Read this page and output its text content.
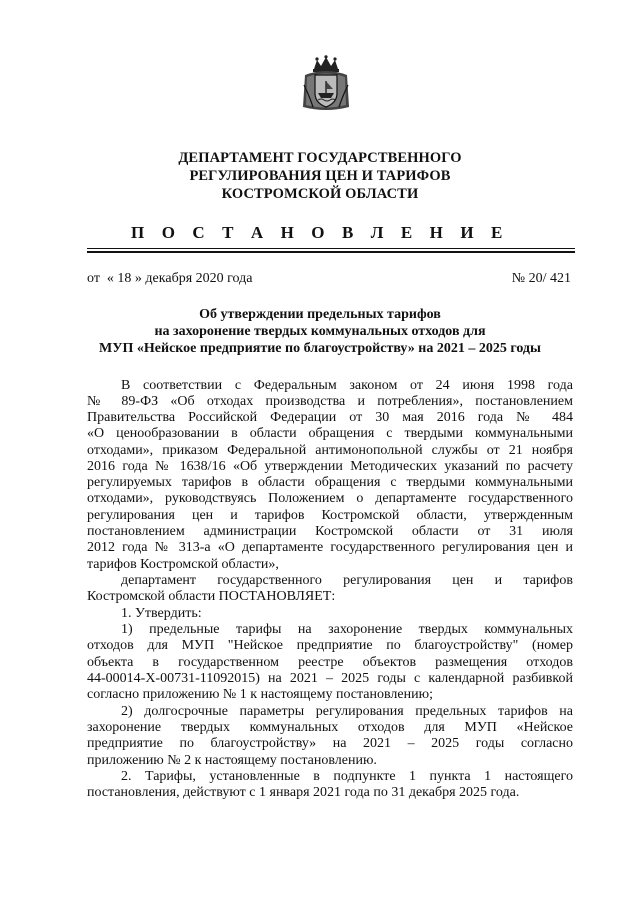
ДЕПАРТАМЕНТ ГОСУДАРСТВЕННОГО
РЕГУЛИРОВАНИЯ ЦЕН И ТАРИФОВ
КОСТРОМСКОЙ ОБЛАСТИ
П О С Т А Н О В Л Е Н И Е
от  « 18 » декабря 2020 года	№ 20/ 421
Об утверждении предельных тарифов
на захоронение твердых коммунальных отходов для
МУП «Нейское предприятие по благоустройству» на 2021 – 2025 годы
В соответствии с Федеральным законом от 24 июня 1998 года
№ 89-ФЗ «Об отходах производства и потребления», постановлением
Правительства Российской Федерации от 30 мая 2016 года № 484
«О ценообразовании в области обращения с твердыми коммунальными
отходами», приказом Федеральной антимонопольной службы от 21 ноября
2016 года № 1638/16 «Об утверждении Методических указаний по расчету
регулируемых тарифов в области обращения с твердыми коммунальными
отходами», руководствуясь Положением о департаменте государственного
регулирования цен и тарифов Костромской области, утвержденным
постановлением администрации Костромской области от 31 июля
2012 года № 313-а «О департаменте государственного регулирования цен и
тарифов Костромской области»,
департамент государственного регулирования цен и тарифов
Костромской области ПОСТАНОВЛЯЕТ:
1. Утвердить:
1) предельные тарифы на захоронение твердых коммунальных
отходов для МУП "Нейское предприятие по благоустройству" (номер
объекта в государственном реестре объектов размещения отходов
44-00014-Х-00731-11092015) на 2021 – 2025 годы с календарной разбивкой
согласно приложению № 1 к настоящему постановлению;
2) долгосрочные параметры регулирования предельных тарифов на
захоронение твердых коммунальных отходов для МУП «Нейское
предприятие по благоустройству» на 2021 – 2025 годы согласно
приложению № 2 к настоящему постановлению.
2. Тарифы, установленные в подпункте 1 пункта 1 настоящего
постановления, действуют с 1 января 2021 года по 31 декабря 2025 года.
